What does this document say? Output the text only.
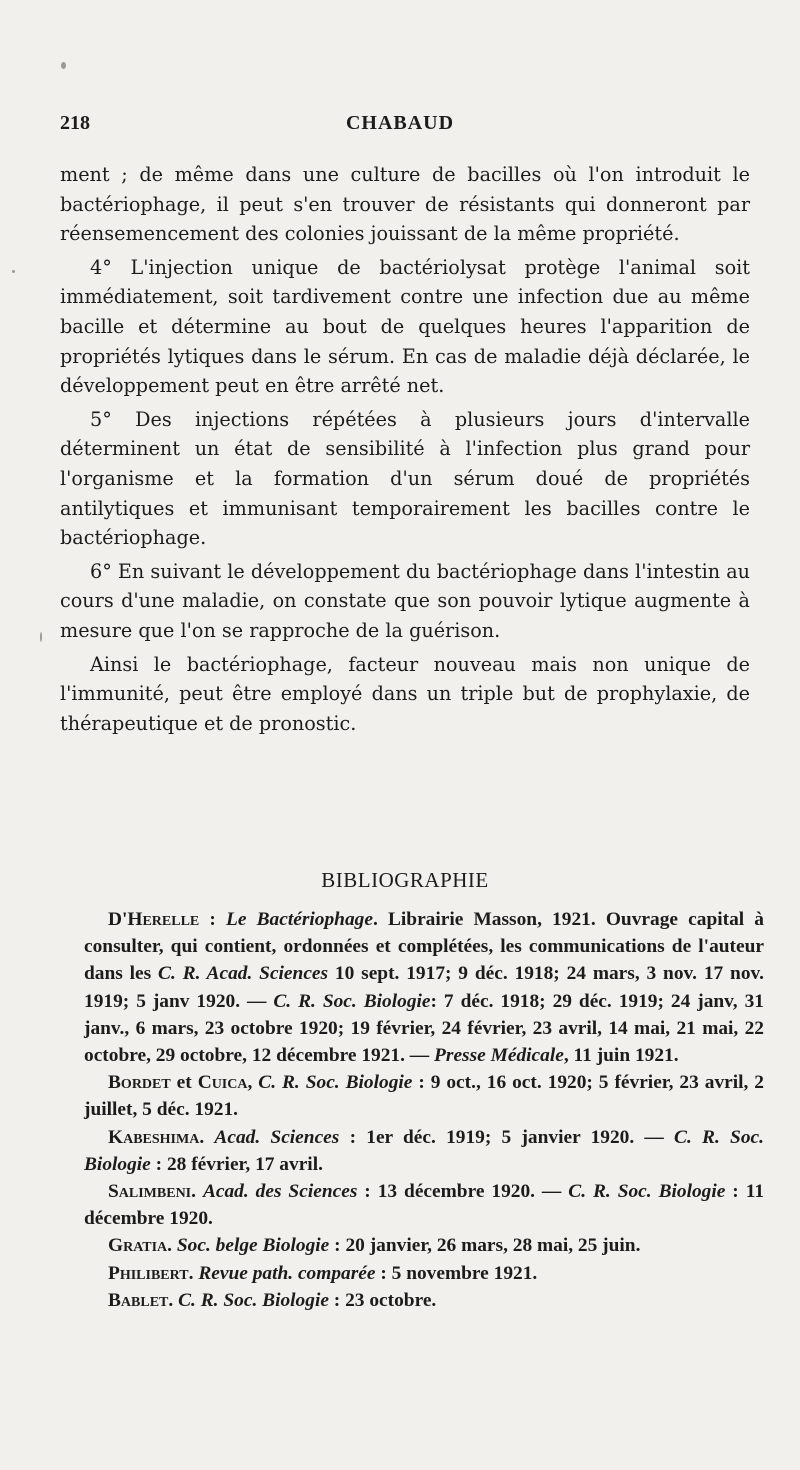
218	CHABAUD

ment ; de même dans une culture de bacilles où l'on introduit le bactériophage, il peut s'en trouver de résistants qui donneront par réensemencement des colonies jouissant de la même propriété.

4° L'injection unique de bactériolysat protège l'animal soit immédiatement, soit tardivement contre une infection due au même bacille et détermine au bout de quelques heures l'apparition de propriétés lytiques dans le sérum. En cas de maladie déjà déclarée, le développement peut en être arrêté net.

5° Des injections répétées à plusieurs jours d'intervalle déterminent un état de sensibilité à l'infection plus grand pour l'organisme et la formation d'un sérum doué de propriétés antilytiques et immunisant temporairement les bacilles contre le bactériophage.

6° En suivant le développement du bactériophage dans l'intestin au cours d'une maladie, on constate que son pouvoir lytique augmente à mesure que l'on se rapproche de la guérison.

Ainsi le bactériophage, facteur nouveau mais non unique de l'immunité, peut être employé dans un triple but de prophylaxie, de thérapeutique et de pronostic.

BIBLIOGRAPHIE

D'Herelle : Le Bactériophage. Librairie Masson, 1921. Ouvrage capital à consulter, qui contient, ordonnées et complétées, les communications de l'auteur dans les C. R. Acad. Sciences 10 sept. 1917; 9 déc. 1918; 24 mars, 3 nov. 17 nov. 1919; 5 janv 1920. — C. R. Soc. Biologie: 7 déc. 1918; 29 déc. 1919; 24 janv, 31 janv., 6 mars, 23 octobre 1920; 19 février, 24 février, 23 avril, 14 mai, 21 mai, 22 octobre, 29 octobre, 12 décembre 1921. — Presse Médicale, 11 juin 1921.

Bordet et Cuica, C. R. Soc. Biologie : 9 oct., 16 oct. 1920; 5 février, 23 avril, 2 juillet, 5 déc. 1921.

Kabeshima. Acad. Sciences : 1er déc. 1919; 5 janvier 1920. — C. R. Soc. Biologie : 28 février, 17 avril.

Salimbeni. Acad. des Sciences : 13 décembre 1920. — C. R. Soc. Biologie : 11 décembre 1920.

Gratia. Soc. belge Biologie : 20 janvier, 26 mars, 28 mai, 25 juin.

Philibert. Revue path. comparée : 5 novembre 1921.

Bablet. C. R. Soc. Biologie : 23 octobre.
